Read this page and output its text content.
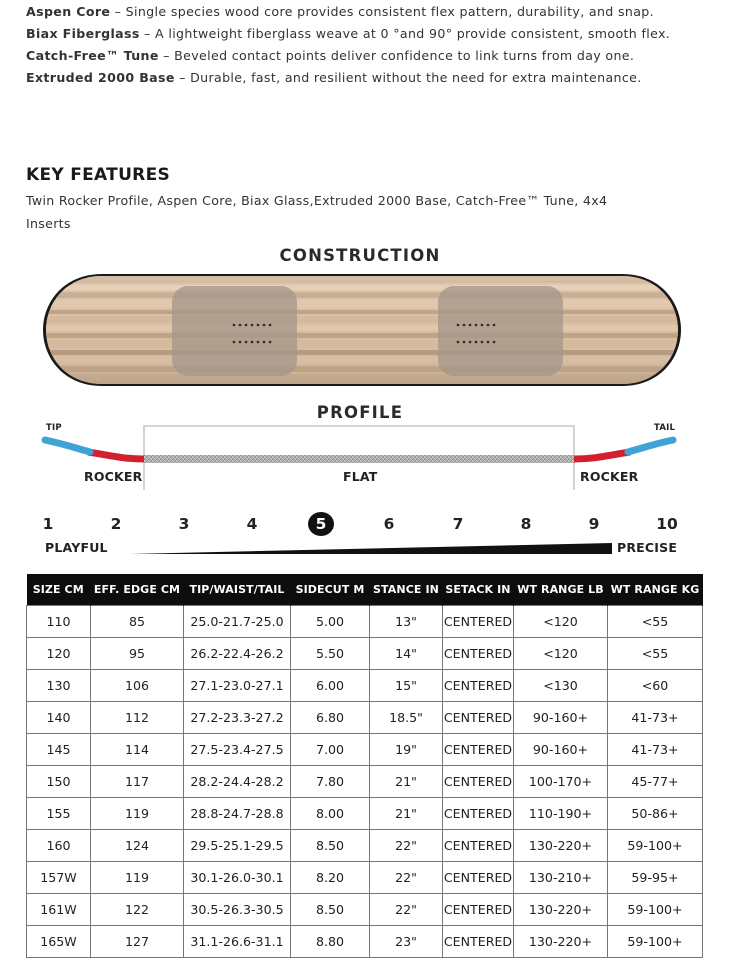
Aspen Core – Single species wood core provides consistent flex pattern, durability, and snap.
Biax Fiberglass – A lightweight fiberglass weave at 0 °and 90° provide consistent, smooth flex.
Catch-Free™ Tune – Beveled contact points deliver confidence to link turns from day one.
Extruded 2000 Base – Durable, fast, and resilient without the need for extra maintenance.
KEY FEATURES
Twin Rocker Profile, Aspen Core, Biax Glass,Extruded 2000 Base, Catch-Free™ Tune, 4x4 Inserts
CONSTRUCTION
PROFILE
TIP	TAIL
ROCKER	FLAT	ROCKER
1	2	3	4	5	6	7	8	9	10
PLAYFUL	PRECISE
SIZE CM	EFF. EDGE CM	TIP/WAIST/TAIL	SIDECUT M	STANCE IN	SETACK IN	WT RANGE LB	WT RANGE KG
110	85	25.0-21.7-25.0	5.00	13"	CENTERED	<120	<55
120	95	26.2-22.4-26.2	5.50	14"	CENTERED	<120	<55
130	106	27.1-23.0-27.1	6.00	15"	CENTERED	<130	<60
140	112	27.2-23.3-27.2	6.80	18.5"	CENTERED	90-160+	41-73+
145	114	27.5-23.4-27.5	7.00	19"	CENTERED	90-160+	41-73+
150	117	28.2-24.4-28.2	7.80	21"	CENTERED	100-170+	45-77+
155	119	28.8-24.7-28.8	8.00	21"	CENTERED	110-190+	50-86+
160	124	29.5-25.1-29.5	8.50	22"	CENTERED	130-220+	59-100+
157W	119	30.1-26.0-30.1	8.20	22"	CENTERED	130-210+	59-95+
161W	122	30.5-26.3-30.5	8.50	22"	CENTERED	130-220+	59-100+
165W	127	31.1-26.6-31.1	8.80	23"	CENTERED	130-220+	59-100+
